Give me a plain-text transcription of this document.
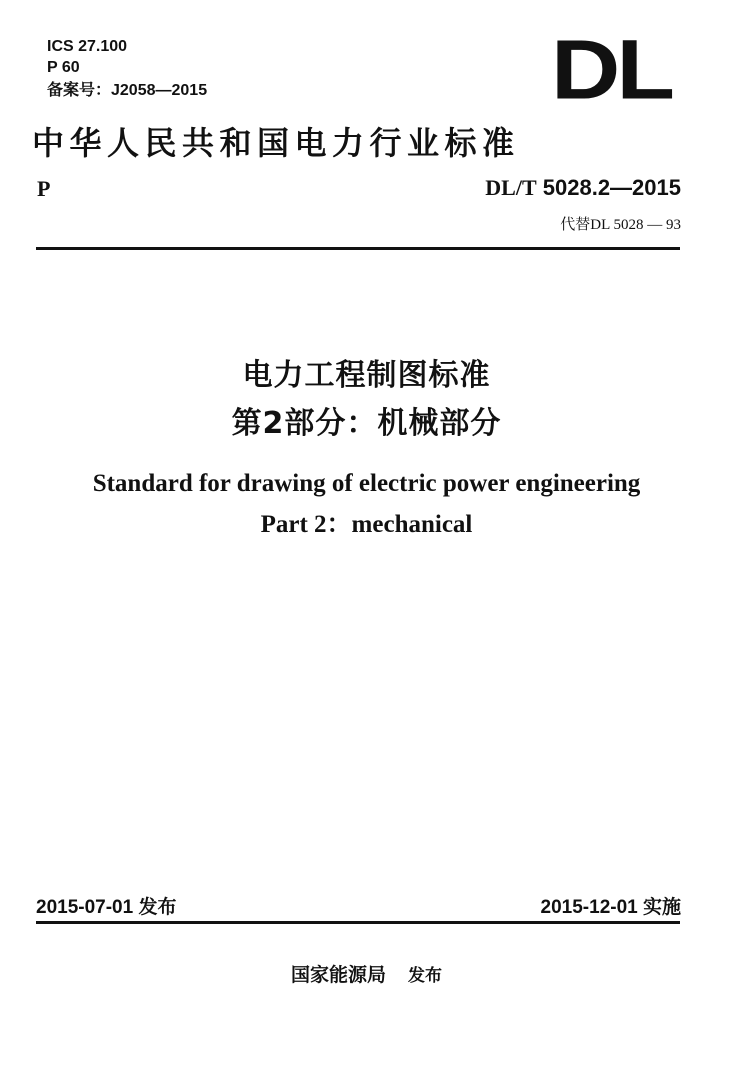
ICS 27.100
P 60
备案号：J2058—2015	DL
中华人民共和国电力行业标准
P	DL/T 5028.2—2015
代替DL 5028 — 93
电力工程制图标准
第2部分：机械部分
Standard for drawing of electric power engineering
Part 2：mechanical
2015-07-01 发布	2015-12-01 实施
国家能源局 发布
